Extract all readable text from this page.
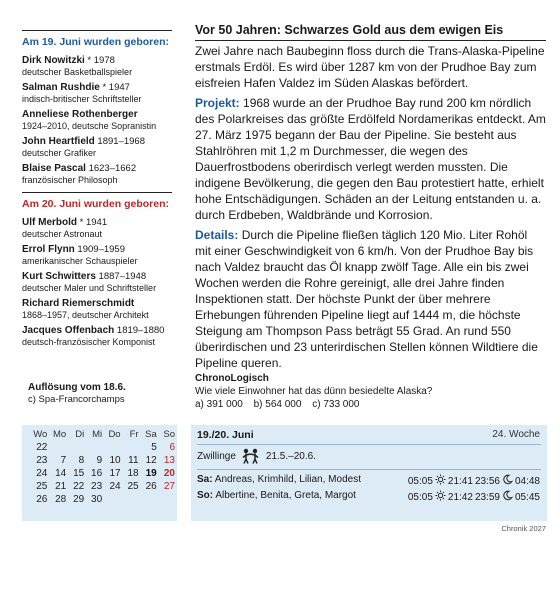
Am 19. Juni wurden geboren:
Dirk Nowitzki * 1978
deutscher Basketballspieler
Salman Rushdie * 1947
indisch-britischer Schriftsteller
Anneliese Rothenberger
1924–2010, deutsche Sopranistin
John Heartfield 1891–1968
deutscher Grafiker
Blaise Pascal 1623–1662
französischer Philosoph
Am 20. Juni wurden geboren:
Ulf Merbold * 1941
deutscher Astronaut
Errol Flynn 1909–1959
amerikanischer Schauspieler
Kurt Schwitters 1887–1948
deutscher Maler und Schriftsteller
Richard Riemerschmidt
1868–1957, deutscher Architekt
Jacques Offenbach 1819–1880
deutsch-französischer Komponist
Auflösung vom 18.6.
c) Spa-Francorchamps
Vor 50 Jahren: Schwarzes Gold aus dem ewigen Eis

Zwei Jahre nach Baubeginn floss durch die Trans-Alaska-Pipeline erstmals Erdöl. Es wird über 1287 km von der Prudhoe Bay zum eisfreien Hafen Valdez im Süden Alaskas befördert.

Projekt: 1968 wurde an der Prudhoe Bay rund 200 km nördlich des Polarkreises das größte Erdölfeld Nordamerikas entdeckt. Am 27. März 1975 begann der Bau der Pipeline. Sie besteht aus Stahlröhren mit 1,2 m Durchmesser, die wegen des Dauerfrostbodens oberirdisch verlegt werden mussten. Die indigene Bevölkerung, die gegen den Bau protestiert hatte, erhielt hohe Entschädigungen. Schäden an der Leitung entstanden u. a. durch Erdbeben, Waldbrände und Korrosion.

Details: Durch die Pipeline fließen täglich 120 Mio. Liter Rohöl mit einer Geschwindigkeit von 6 km/h. Von der Prudhoe Bay bis nach Valdez braucht das Öl knapp zwölf Tage. Alle ein bis zwei Wochen werden die Rohre gereinigt, alle drei Jahre finden Inspektionen statt. Der höchste Punkt der über mehrere Erhebungen führenden Pipeline liegt auf 1444 m, die höchste Steigung am Thompson Pass beträgt 55 Grad. An rund 550 überirdischen und 23 unterirdischen Stellen können Wildtiere die Pipeline queren.

ChronoLogisch
Wie viele Einwohner hat das dünn besiedelte Alaska?
a) 391 000 b) 564 000 c) 733 000
Wo	Mo	Di	Mi	Do	Fr	Sa	So
22						5	6
23	7	8	9	10	11	12	13
24	14	15	16	17	18	19	20
25	21	22	23	24	25	26	27
26	28	29	30				
19./20. Juni	24. Woche
Zwillinge	21.5.–20.6.
Sa: Andreas, Krimhild, Lilian, Modest	05:05 21:41 23:56 04:48
So: Albertine, Benita, Greta, Margot	05:05 21:42 23:59 05:45
Chronik 2027
